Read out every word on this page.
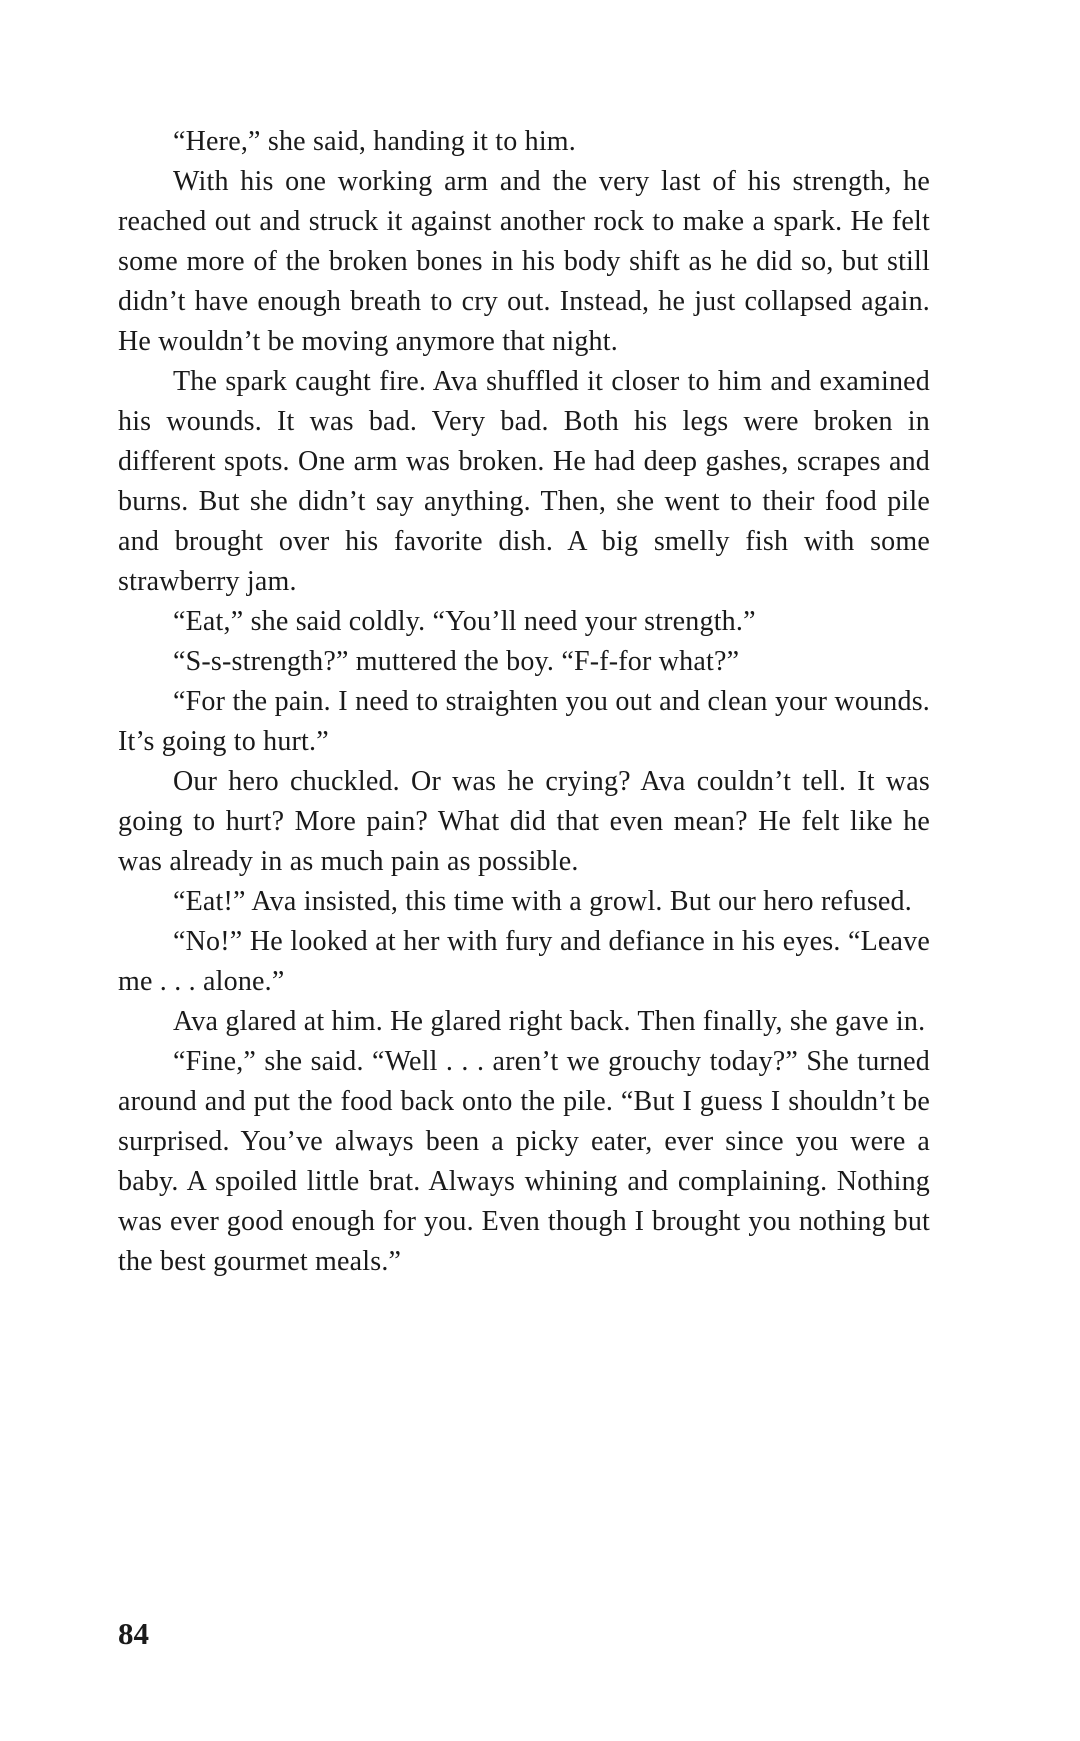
“Here,” she said, handing it to him.

With his one working arm and the very last of his strength, he reached out and struck it against another rock to make a spark. He felt some more of the broken bones in his body shift as he did so, but still didn’t have enough breath to cry out. Instead, he just collapsed again. He wouldn’t be moving anymore that night.

The spark caught fire. Ava shuffled it closer to him and examined his wounds. It was bad. Very bad. Both his legs were broken in different spots. One arm was broken. He had deep gashes, scrapes and burns. But she didn’t say anything. Then, she went to their food pile and brought over his favorite dish. A big smelly fish with some strawberry jam.

“Eat,” she said coldly. “You’ll need your strength.”

“S-s-strength?” muttered the boy. “F-f-for what?”

“For the pain. I need to straighten you out and clean your wounds. It’s going to hurt.”

Our hero chuckled. Or was he crying? Ava couldn’t tell. It was going to hurt? More pain? What did that even mean? He felt like he was already in as much pain as possible.

“Eat!” Ava insisted, this time with a growl. But our hero refused.

“No!” He looked at her with fury and defiance in his eyes. “Leave me . . . alone.”

Ava glared at him. He glared right back. Then finally, she gave in.

“Fine,” she said. “Well . . . aren’t we grouchy today?” She turned around and put the food back onto the pile. “But I guess I shouldn’t be surprised. You’ve always been a picky eater, ever since you were a baby. A spoiled little brat. Always whining and complaining. Nothing was ever good enough for you. Even though I brought you nothing but the best gourmet meals.”

84
